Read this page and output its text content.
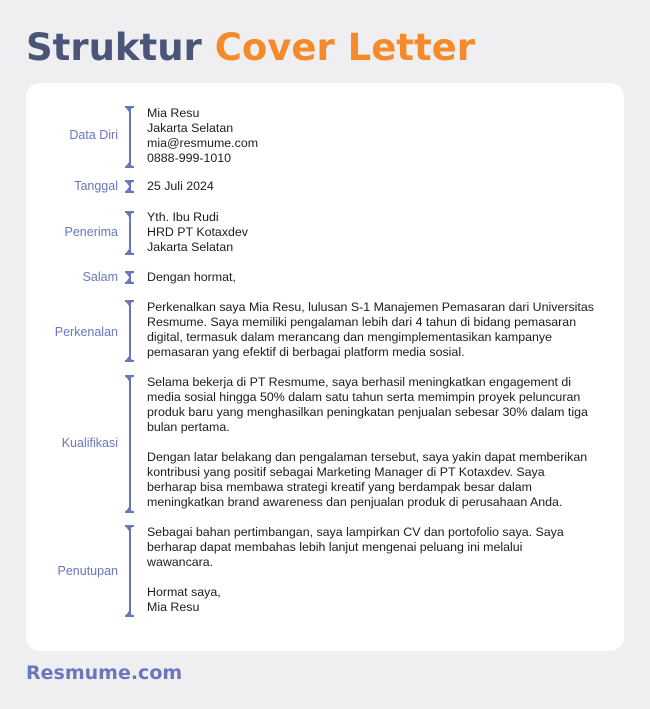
Struktur Cover Letter
Data Diri

Mia Resu

Jakarta Selatan

mia@resmume.com

0888-999-1010

Tanggal 25 Juli 2024

Penerima

Yth. Ibu Rudi

HRD PT Kotaxdev

Jakarta Selatan

Salam Dengan hormat,

Perkenalan

Perkenalkan saya Mia Resu, lulusan S-1 Manajemen Pemasaran dari Universitas

Resmume. Saya memiliki pengalaman lebih dari 4 tahun di bidang pemasaran

digital, termasuk dalam merancang dan mengimplementasikan kampanye

pemasaran yang efektif di berbagai platform media sosial.

Kualifikasi

Selama bekerja di PT Resmume, saya berhasil meningkatkan engagement di

media sosial hingga 50% dalam satu tahun serta memimpin proyek peluncuran

produk baru yang menghasilkan peningkatan penjualan sebesar 30% dalam tiga

bulan pertama.

Dengan latar belakang dan pengalaman tersebut, saya yakin dapat memberikan

kontribusi yang positif sebagai Marketing Manager di PT Kotaxdev. Saya

berharap bisa membawa strategi kreatif yang berdampak besar dalam

meningkatkan brand awareness dan penjualan produk di perusahaan Anda.

Penutupan

Sebagai bahan pertimbangan, saya lampirkan CV dan portofolio saya. Saya

berharap dapat membahas lebih lanjut mengenai peluang ini melalui

wawancara.

Hormat saya,

Mia Resu

Resmume.com
